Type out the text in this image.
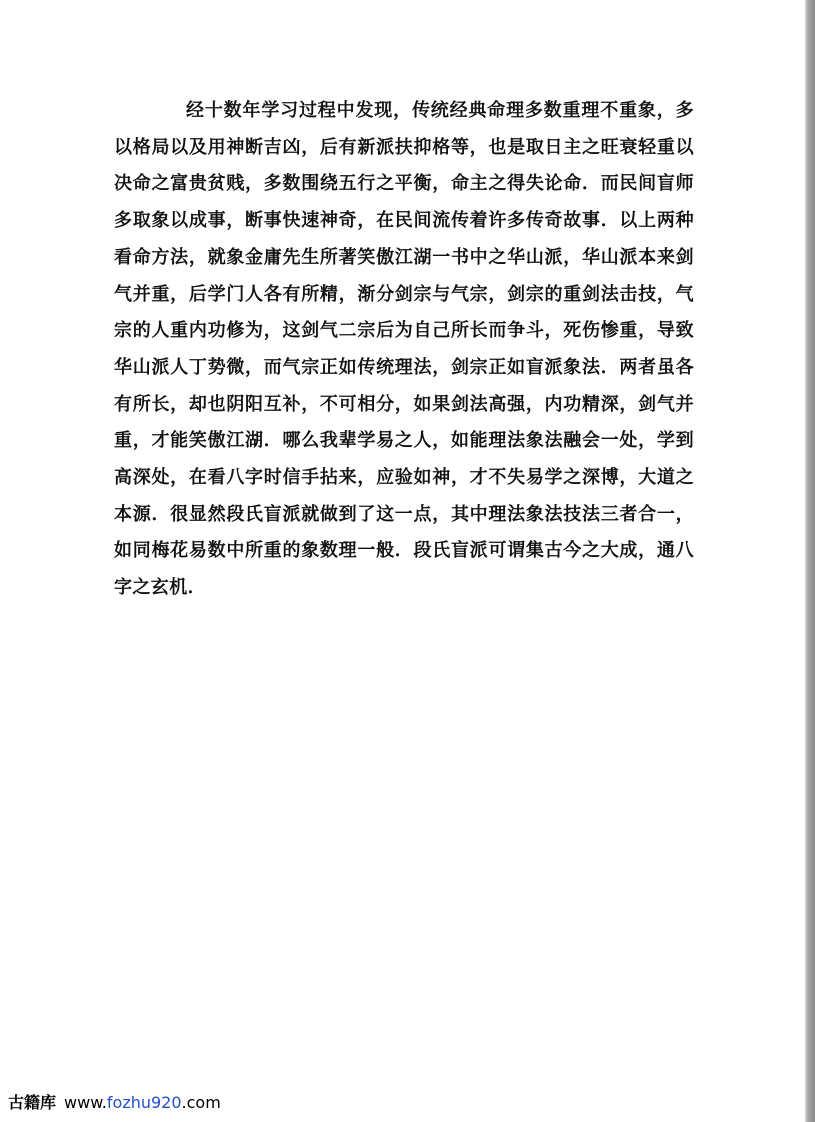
经十数年学习过程中发现，传统经典命理多数重理不重象，多以格局以及用神断吉凶，后有新派扶抑格等，也是取日主之旺衰轻重以决命之富贵贫贱，多数围绕五行之平衡，命主之得失论命．而民间盲师多取象以成事，断事快速神奇，在民间流传着许多传奇故事．以上两种看命方法，就象金庸先生所著笑傲江湖一书中之华山派，华山派本来剑气并重，后学门人各有所精，渐分剑宗与气宗，剑宗的重剑法击技，气宗的人重内功修为，这剑气二宗后为自己所长而争斗，死伤惨重，导致华山派人丁势微，而气宗正如传统理法，剑宗正如盲派象法．两者虽各有所长，却也阴阳互补，不可相分，如果剑法高强，内功精深，剑气并重，才能笑傲江湖．哪么我辈学易之人，如能理法象法融会一处，学到高深处，在看八字时信手拈来，应验如神，才不失易学之深博，大道之本源．很显然段氏盲派就做到了这一点，其中理法象法技法三者合一，如同梅花易数中所重的象数理一般．段氏盲派可谓集古今之大成，通八字之玄机．

古籍库 www.fozhu920.com
